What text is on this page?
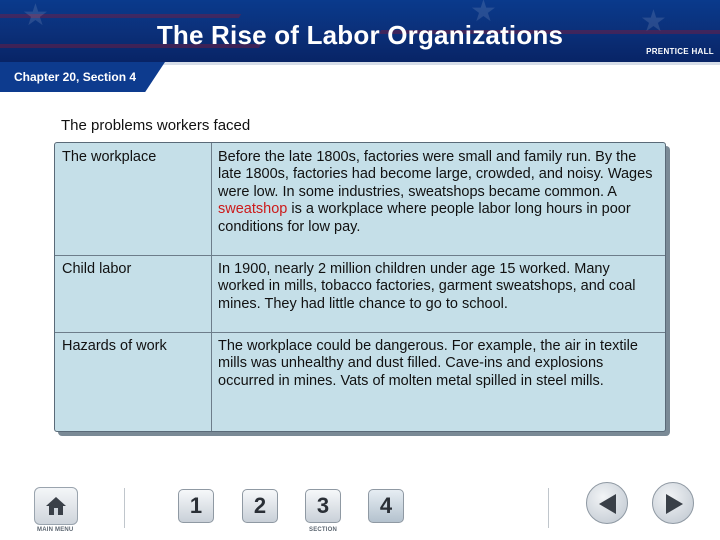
★	★
★
The Rise of Labor Organizations
PRENTICE HALL
Chapter 20, Section 4
The problems workers faced
The workplace	Before the late 1800s, factories were small and family run. By the late 1800s, factories had become large, crowded, and noisy. Wages were low. In some industries, sweatshops became common. A sweatshop is a workplace where people labor long hours in poor conditions for low pay.
Child labor	In 1900, nearly 2 million children under age 15 worked. Many worked in mills, tobacco factories, garment sweatshops, and coal mines. They had little chance to go to school.
Hazards of work	The workplace could be dangerous. For example, the air in textile mills was unhealthy and dust filled. Cave-ins and explosions occurred in mines. Vats of molten metal spilled in steel mills.
MAIN MENU
1	2	3	4
SECTION
